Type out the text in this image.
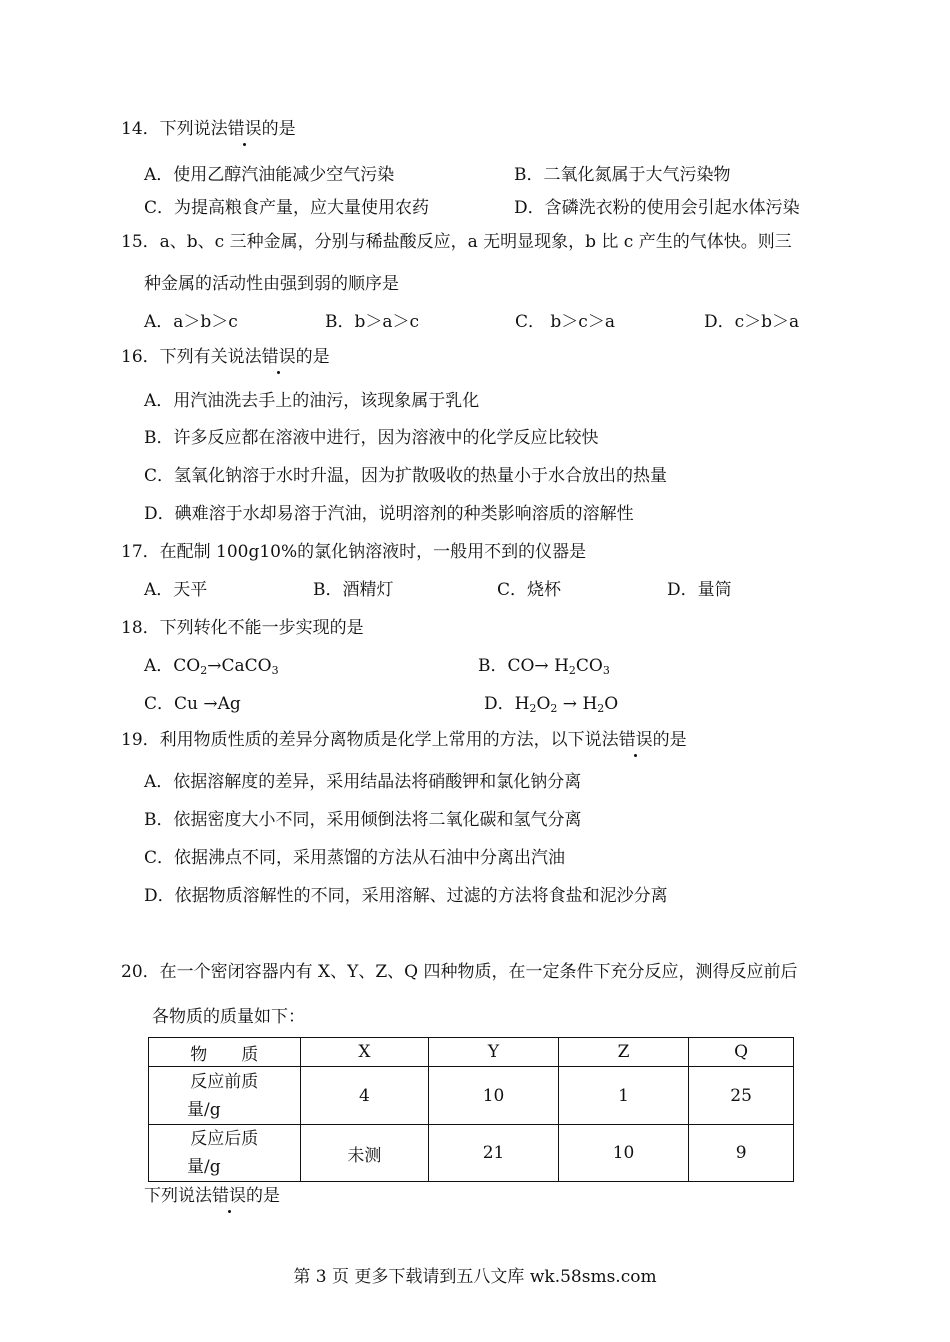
14．下列说法错误的是
A．使用乙醇汽油能减少空气污染	B．二氧化氮属于大气污染物
C．为提高粮食产量，应大量使用农药	D．含磷洗衣粉的使用会引起水体污染
15．a、b、c 三种金属，分别与稀盐酸反应，a 无明显现象，b 比 c 产生的气体快。则三
种金属的活动性由强到弱的顺序是
A．a＞b＞c	B．b＞a＞c	C． b＞c＞a	D．c＞b＞a
16．下列有关说法错误的是
A．用汽油洗去手上的油污，该现象属于乳化
B．许多反应都在溶液中进行，因为溶液中的化学反应比较快
C．氢氧化钠溶于水时升温，因为扩散吸收的热量小于水合放出的热量
D．碘难溶于水却易溶于汽油，说明溶剂的种类影响溶质的溶解性
17．在配制 100g10%的氯化钠溶液时，一般用不到的仪器是
A．天平	B．酒精灯	C．烧杯	D．量筒
18．下列转化不能一步实现的是
A．$CO_2\to CaCO_3$	B．$CO\to H_2CO_3$
C．Cu →Ag	D．$H_2O_2 \to H_2O$
19．利用物质性质的差异分离物质是化学上常用的方法，以下说法错误的是
A．依据溶解度的差异，采用结晶法将硝酸钾和氯化钠分离
B．依据密度大小不同，采用倾倒法将二氧化碳和氢气分离
C．依据沸点不同，采用蒸馏的方法从石油中分离出汽油
D．依据物质溶解性的不同，采用溶解、过滤的方法将食盐和泥沙分离
20．在一个密闭容器内有 X、Y、Z、Q 四种物质，在一定条件下充分反应，测得反应前后
各物质的质量如下：
物　　质	X	Y	Z	Q

反应前质
量/g	4	10	1	25

反应后质
量/g	未测	21	10	9
下列说法错误的是
第 3 页 更多下载请到五八文库 wk.58sms.com
